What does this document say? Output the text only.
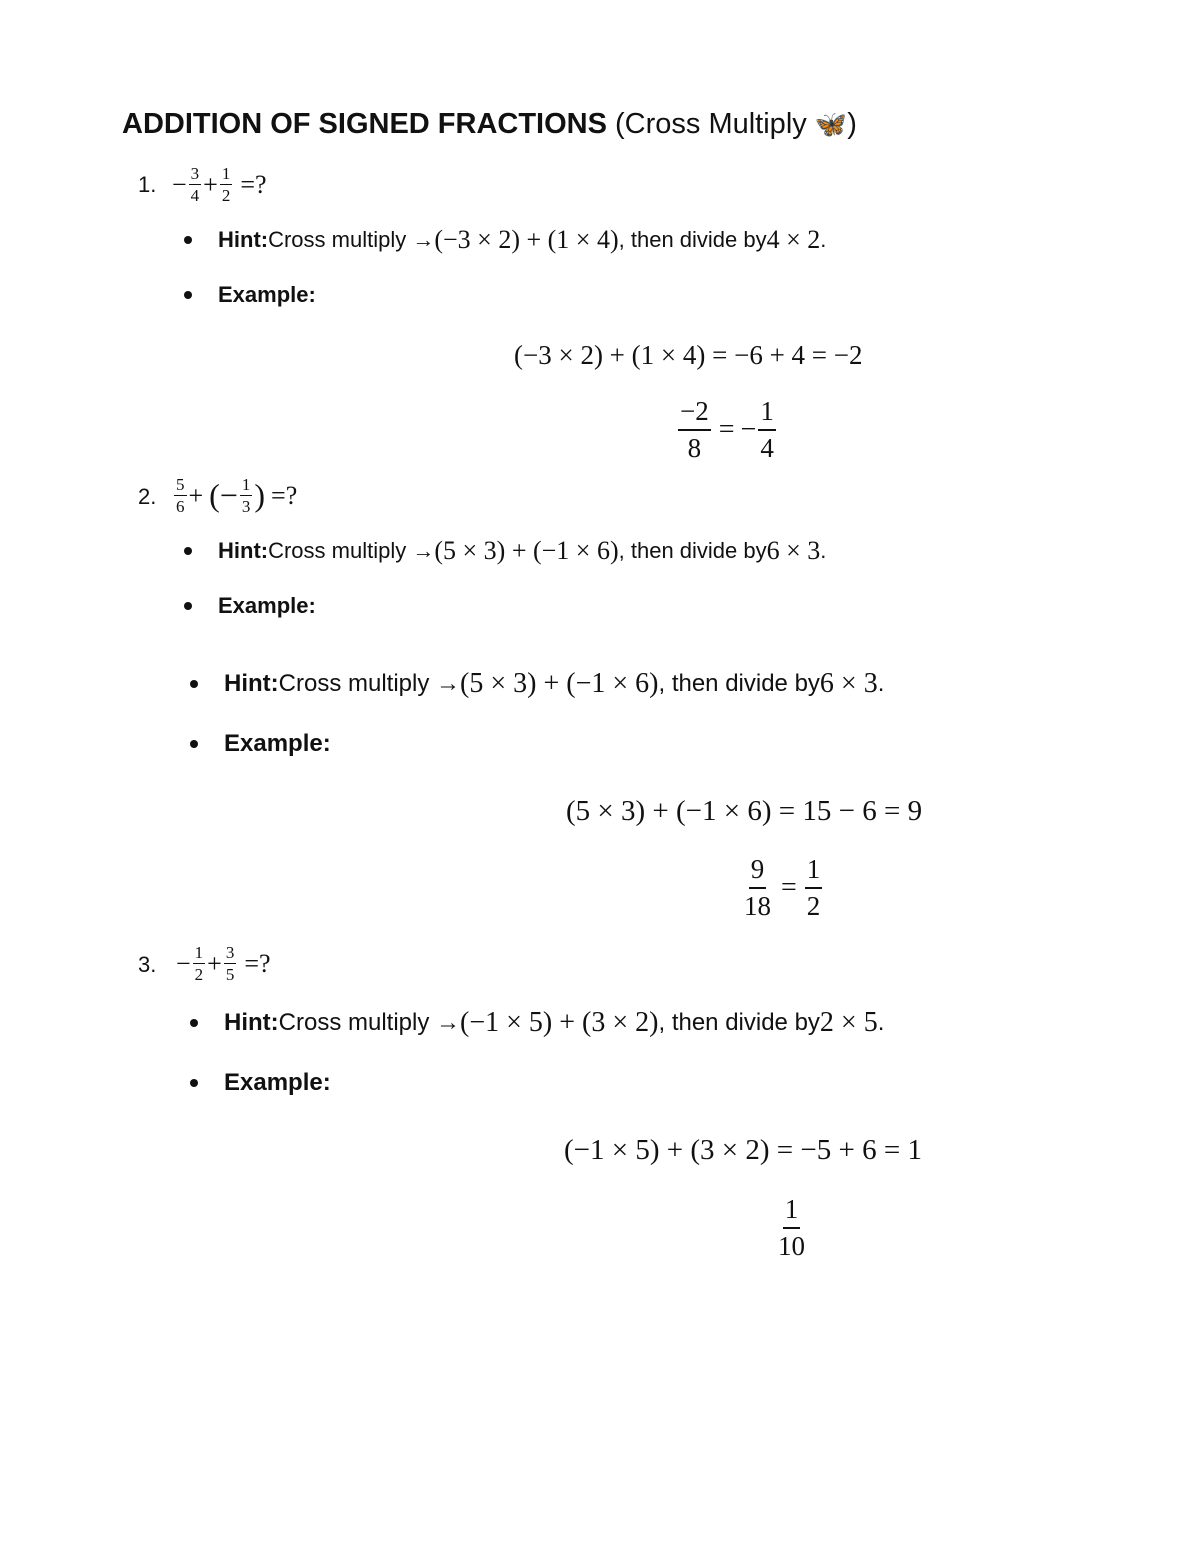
ADDITION OF SIGNED FRACTIONS (Cross Multiply 🦋)
1. − $\frac{3}{4} + \frac{1}{2}$ =?
Hint: Cross multiply → (−3 × 2) + (1 × 4) , then divide by 4 × 2 .
Example:
(−3 × 2) + (1 × 4) = −6 + 4 = −2
$\frac{-2}{8}$ = − $\frac{1}{4}$
2. $\frac{5}{6}$ + (− $\frac{1}{3}$ ) =?
Hint: Cross multiply → (5 × 3) + (−1 × 6) , then divide by 6 × 3 .
Example:
Hint: Cross multiply → (5 × 3) + (−1 × 6) , then divide by 6 × 3 .
Example:
(5 × 3) + (−1 × 6) = 15 − 6 = 9
$\frac{9}{18} = \frac{1}{2}$
3. − $\frac{1}{2} + \frac{3}{5}$ =?
Hint: Cross multiply → (−1 × 5) + (3 × 2) , then divide by 2 × 5 .
Example:
(−1 × 5) + (3 × 2) = −5 + 6 = 1
$\frac{1}{10}$
